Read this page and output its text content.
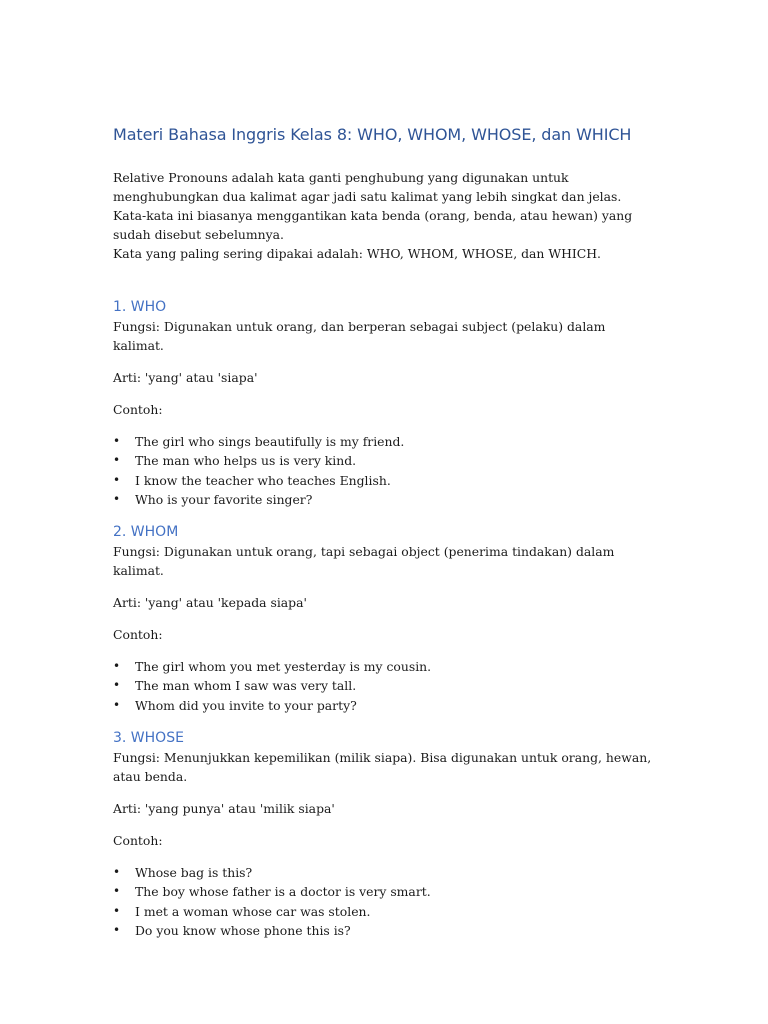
Materi Bahasa Inggris Kelas 8: WHO, WHOM, WHOSE, dan WHICH

Relative Pronouns adalah kata ganti penghubung yang digunakan untuk menghubungkan dua kalimat agar jadi satu kalimat yang lebih singkat dan jelas.

Kata-kata ini biasanya menggantikan kata benda (orang, benda, atau hewan) yang sudah disebut sebelumnya.

Kata yang paling sering dipakai adalah: WHO, WHOM, WHOSE, dan WHICH.

1. WHO

Fungsi: Digunakan untuk orang, dan berperan sebagai subject (pelaku) dalam kalimat.

Arti: 'yang' atau 'siapa'

Contoh:

• The girl who sings beautifully is my friend.
• The man who helps us is very kind.
• I know the teacher who teaches English.
• Who is your favorite singer?
2. WHOM

Fungsi: Digunakan untuk orang, tapi sebagai object (penerima tindakan) dalam kalimat.

Arti: 'yang' atau 'kepada siapa'

Contoh:

• The girl whom you met yesterday is my cousin.
• The man whom I saw was very tall.
• Whom did you invite to your party?
3. WHOSE

Fungsi: Menunjukkan kepemilikan (milik siapa). Bisa digunakan untuk orang, hewan, atau benda.

Arti: 'yang punya' atau 'milik siapa'

Contoh:

• Whose bag is this?
• The boy whose father is a doctor is very smart.
• I met a woman whose car was stolen.
• Do you know whose phone this is?
